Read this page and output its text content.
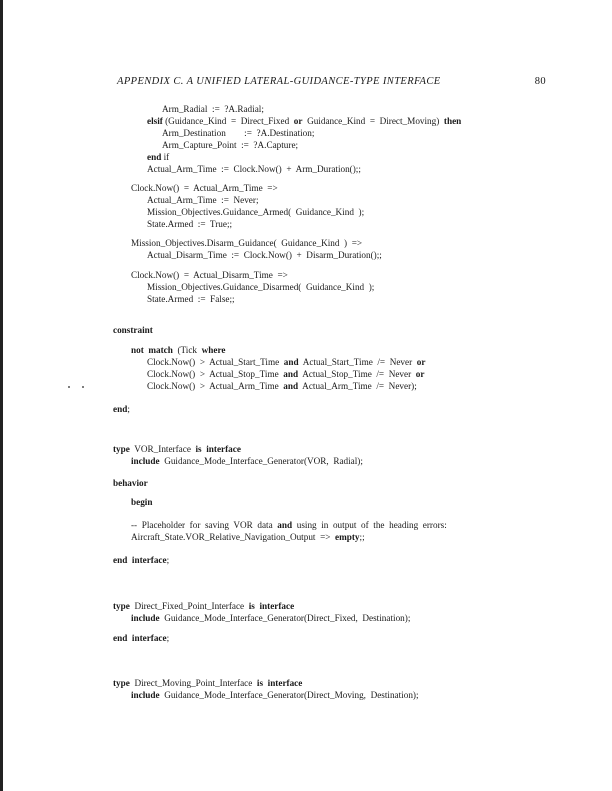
APPENDIX C. A UNIFIED LATERAL-GUIDANCE-TYPE INTERFACE	80
Arm_Radial  :=  ?A.Radial;
elsif (Guidance_Kind  =  Direct_Fixed  or  Guidance_Kind  =  Direct_Moving)  then
Arm_Destination        :=  ?A.Destination;
Arm_Capture_Point  :=  ?A.Capture;
end if
Actual_Arm_Time  :=  Clock.Now()  +  Arm_Duration();;
Clock.Now()  =  Actual_Arm_Time  =>
Actual_Arm_Time  :=  Never;
Mission_Objectives.Guidance_Armed(  Guidance_Kind  );
State.Armed  :=  True;;
Mission_Objectives.Disarm_Guidance(  Guidance_Kind  )  =>
Actual_Disarm_Time  :=  Clock.Now()  +  Disarm_Duration();;
Clock.Now()  =  Actual_Disarm_Time  =>
Mission_Objectives.Guidance_Disarmed(  Guidance_Kind  );
State.Armed  :=  False;;
constraint
not match  (Tick  where
Clock.Now()  >  Actual_Start_Time  and  Actual_Start_Time  /=  Never  or
Clock.Now()  >  Actual_Stop_Time  and  Actual_Stop_Time  /=  Never  or
Clock.Now()  >  Actual_Arm_Time  and  Actual_Arm_Time  /=  Never);
end;
type  VOR_Interface  is interface
include  Guidance_Mode_Interface_Generator(VOR,  Radial);
behavior
begin
--  Placeholder  for  saving  VOR  data  and  using  in  output  of  the  heading  errors:
Aircraft_State.VOR_Relative_Navigation_Output  =>  empty;;
end interface;
type  Direct_Fixed_Point_Interface  is interface
include  Guidance_Mode_Interface_Generator(Direct_Fixed,  Destination);
end interface;
type  Direct_Moving_Point_Interface  is interface
include  Guidance_Mode_Interface_Generator(Direct_Moving,  Destination);
